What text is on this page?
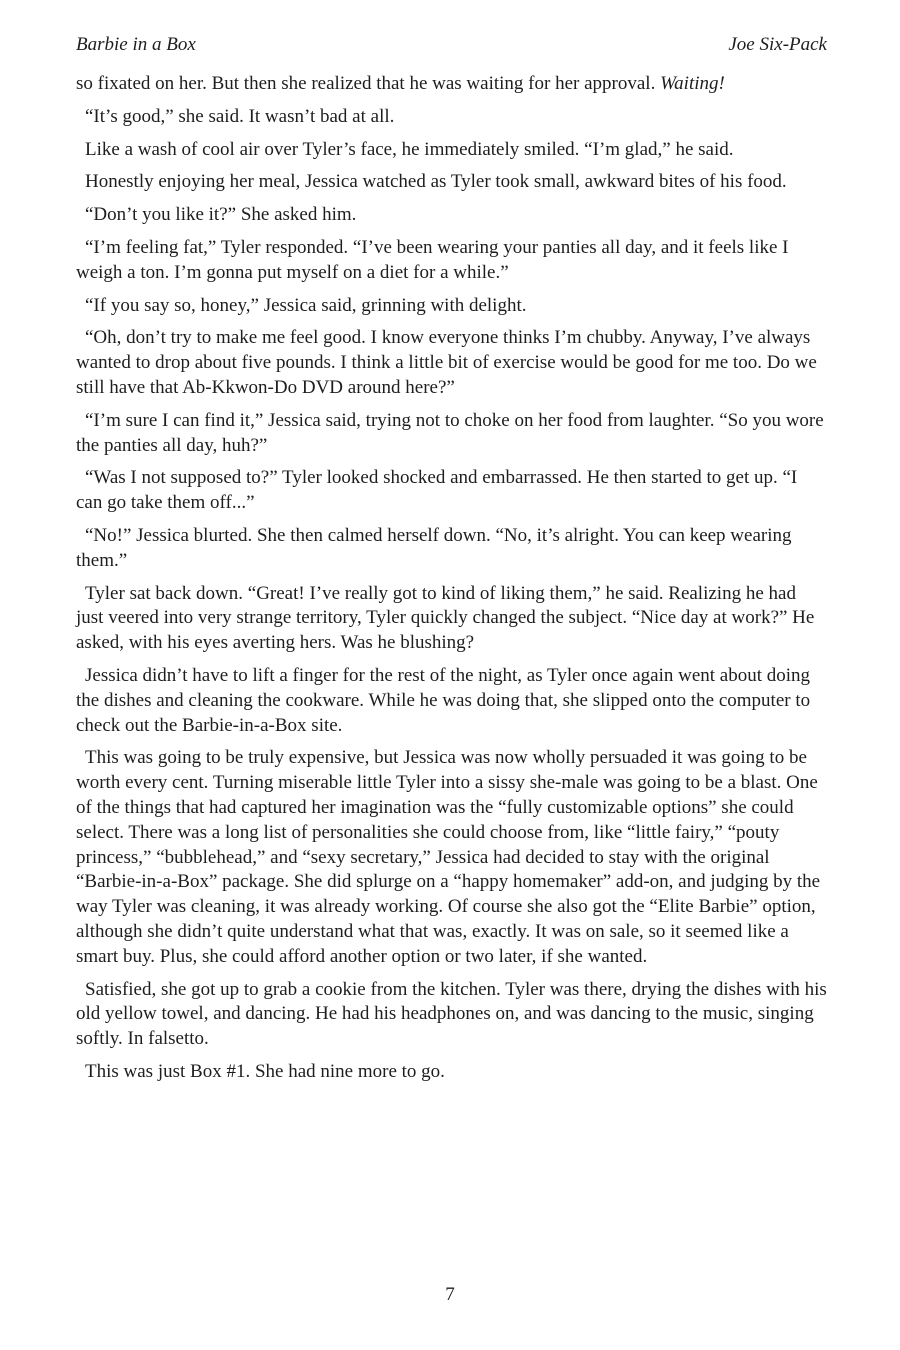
Barbie in a Box	Joe Six-Pack

so fixated on her. But then she realized that he was waiting for her approval. Waiting!

“It’s good,” she said. It wasn’t bad at all.

Like a wash of cool air over Tyler’s face, he immediately smiled. “I’m glad,” he said.

Honestly enjoying her meal, Jessica watched as Tyler took small, awkward bites of his food.

“Don’t you like it?” She asked him.

“I’m feeling fat,” Tyler responded. “I’ve been wearing your panties all day, and it feels like I weigh a ton. I’m gonna put myself on a diet for a while.”

“If you say so, honey,” Jessica said, grinning with delight.

“Oh, don’t try to make me feel good. I know everyone thinks I’m chubby. Anyway, I’ve always wanted to drop about five pounds. I think a little bit of exercise would be good for me too. Do we still have that Ab-Kkwon-Do DVD around here?”

“I’m sure I can find it,” Jessica said, trying not to choke on her food from laughter. “So you wore the panties all day, huh?”

“Was I not supposed to?” Tyler looked shocked and embarrassed. He then started to get up. “I can go take them off...”

“No!” Jessica blurted. She then calmed herself down. “No, it’s alright. You can keep wearing them.”

Tyler sat back down. “Great! I’ve really got to kind of liking them,” he said. Realizing he had just veered into very strange territory, Tyler quickly changed the subject. “Nice day at work?” He asked, with his eyes averting hers. Was he blushing?

Jessica didn’t have to lift a finger for the rest of the night, as Tyler once again went about doing the dishes and cleaning the cookware. While he was doing that, she slipped onto the computer to check out the Barbie-in-a-Box site.

This was going to be truly expensive, but Jessica was now wholly persuaded it was going to be worth every cent. Turning miserable little Tyler into a sissy she-male was going to be a blast. One of the things that had captured her imagination was the “fully customizable options” she could select. There was a long list of personalities she could choose from, like “little fairy,” “pouty princess,” “bubblehead,” and “sexy secretary,” Jessica had decided to stay with the original “Barbie-in-a-Box” package. She did splurge on a “happy homemaker” add-on, and judging by the way Tyler was cleaning, it was already working. Of course she also got the “Elite Barbie” option, although she didn’t quite understand what that was, exactly. It was on sale, so it seemed like a smart buy. Plus, she could afford another option or two later, if she wanted.

Satisfied, she got up to grab a cookie from the kitchen. Tyler was there, drying the dishes with his old yellow towel, and dancing. He had his headphones on, and was dancing to the music, singing softly. In falsetto.

This was just Box #1. She had nine more to go.

7
